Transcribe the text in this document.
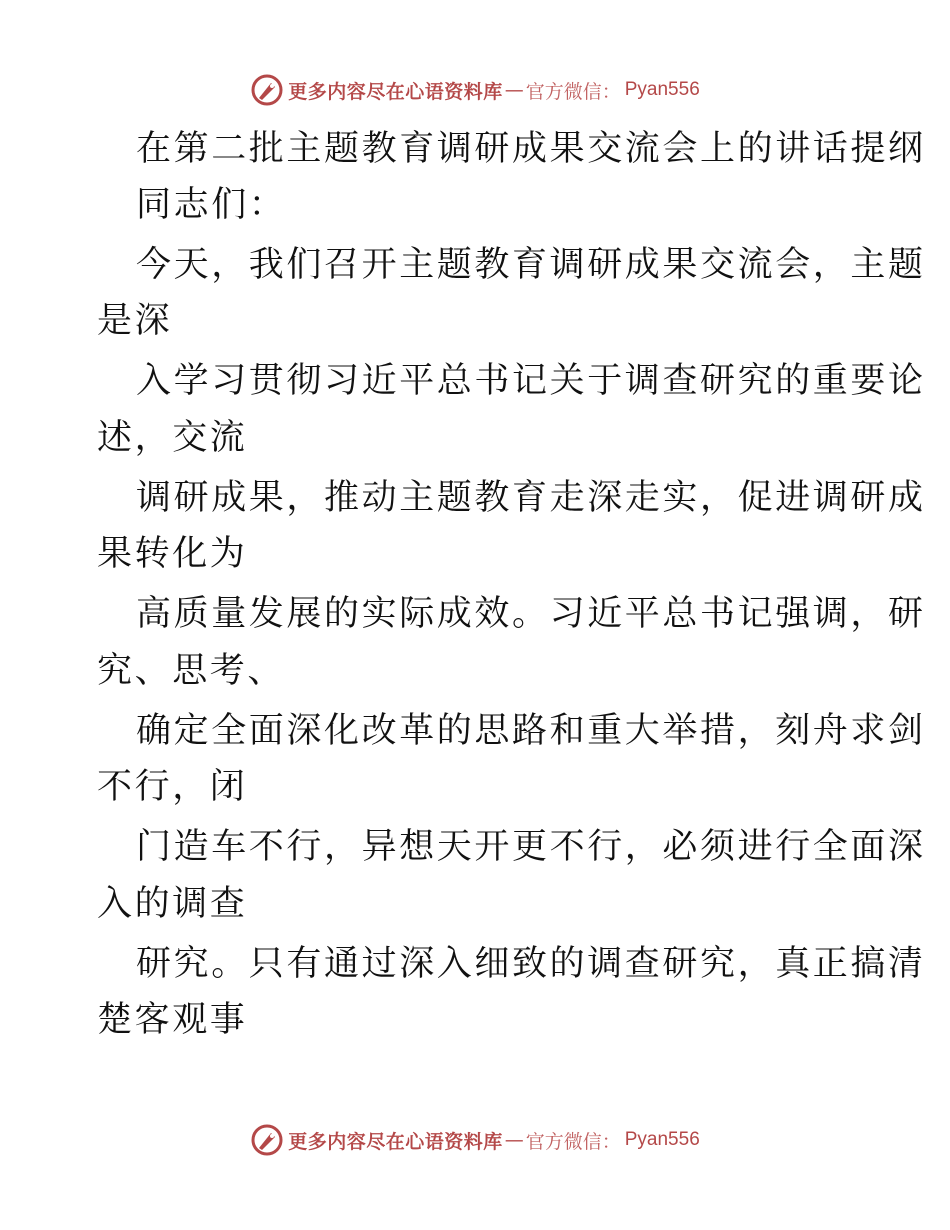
更多内容尽在心语资料库 — 官方微信： Pyan556
在第二批主题教育调研成果交流会上的讲话提纲
同志们：
今天，我们召开主题教育调研成果交流会，主题
是深
入学习贯彻习近平总书记关于调查研究的重要论
述，交流
调研成果，推动主题教育走深走实，促进调研成
果转化为
高质量发展的实际成效。习近平总书记强调，研
究、思考、
确定全面深化改革的思路和重大举措，刻舟求剑
不行，闭
门造车不行，异想天开更不行，必须进行全面深
入的调查
研究。只有通过深入细致的调查研究，真正搞清
楚客观事
更多内容尽在心语资料库 — 官方微信： Pyan556
